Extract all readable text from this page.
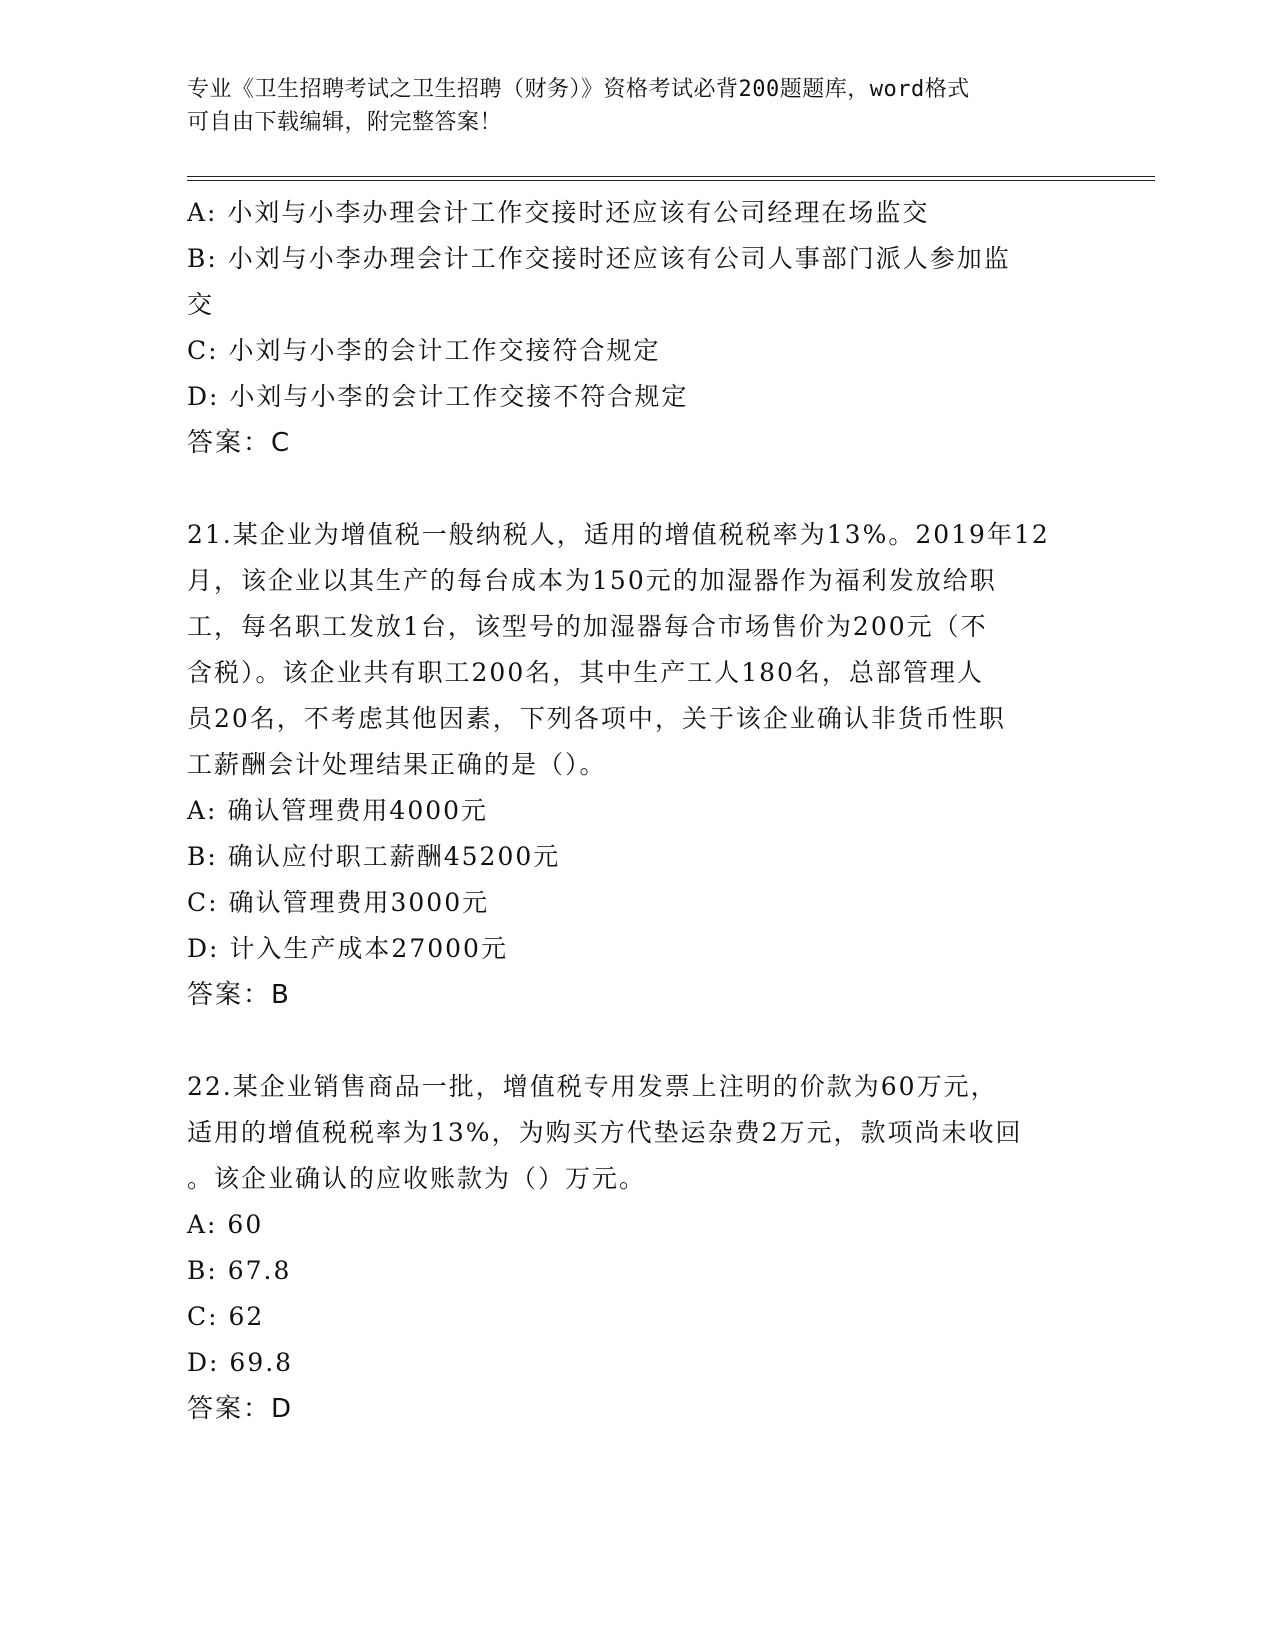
专业《卫生招聘考试之卫生招聘（财务）》资格考试必背200题题库，word格式
可自由下载编辑，附完整答案！

A: 小刘与小李办理会计工作交接时还应该有公司经理在场监交

B: 小刘与小李办理会计工作交接时还应该有公司人事部门派人参加监

交

C: 小刘与小李的会计工作交接符合规定

D: 小刘与小李的会计工作交接不符合规定

答案：C

21.某企业为增值税一般纳税人，适用的增值税税率为13%。2019年12

月，该企业以其生产的每台成本为150元的加湿器作为福利发放给职

工，每名职工发放1台，该型号的加湿器每合市场售价为200元（不

含税）。该企业共有职工200名，其中生产工人180名，总部管理人

员20名，不考虑其他因素，下列各项中，关于该企业确认非货币性职

工薪酬会计处理结果正确的是（）。

A: 确认管理费用4000元

B: 确认应付职工薪酬45200元

C: 确认管理费用3000元

D: 计入生产成本27000元

答案：B

22.某企业销售商品一批，增值税专用发票上注明的价款为60万元，

适用的增值税税率为13%，为购买方代垫运杂费2万元，款项尚未收回

。该企业确认的应收账款为（）万元。

A: 60

B: 67.8

C: 62

D: 69.8

答案：D
